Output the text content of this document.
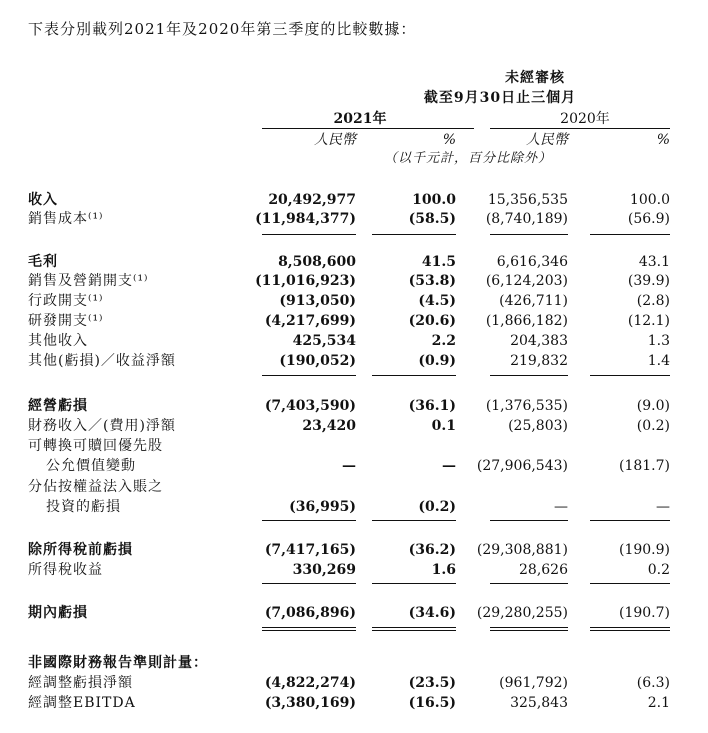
下表分別載列2021年及2020年第三季度的比較數據：
未經審核
截至9月30日止三個月
2021年	2020年
人民幣	%	人民幣	%
（以千元計，百分比除外）
收入	20,492,977	100.0	15,356,535	100.0
銷售成本⁽¹⁾	(11,984,377)	(58.5)	(8,740,189)	(56.9)
毛利	8,508,600	41.5	6,616,346	43.1
銷售及營銷開支⁽¹⁾	(11,016,923)	(53.8)	(6,124,203)	(39.9)
行政開支⁽¹⁾	(913,050)	(4.5)	(426,711)	(2.8)
研發開支⁽¹⁾	(4,217,699)	(20.6)	(1,866,182)	(12.1)
其他收入	425,534	2.2	204,383	1.3
其他(虧損)／收益淨額	(190,052)	(0.9)	219,832	1.4
經營虧損	(7,403,590)	(36.1)	(1,376,535)	(9.0)
財務收入／(費用)淨額	23,420	0.1	(25,803)	(0.2)
可轉換可贖回優先股
公允價值變動	—	—	(27,906,543)	(181.7)
分佔按權益法入賬之
投資的虧損	(36,995)	(0.2)	—	—
除所得稅前虧損	(7,417,165)	(36.2)	(29,308,881)	(190.9)
所得稅收益	330,269	1.6	28,626	0.2
期內虧損	(7,086,896)	(34.6)	(29,280,255)	(190.7)
非國際財務報告準則計量：
經調整虧損淨額	(4,822,274)	(23.5)	(961,792)	(6.3)
經調整EBITDA	(3,380,169)	(16.5)	325,843	2.1
